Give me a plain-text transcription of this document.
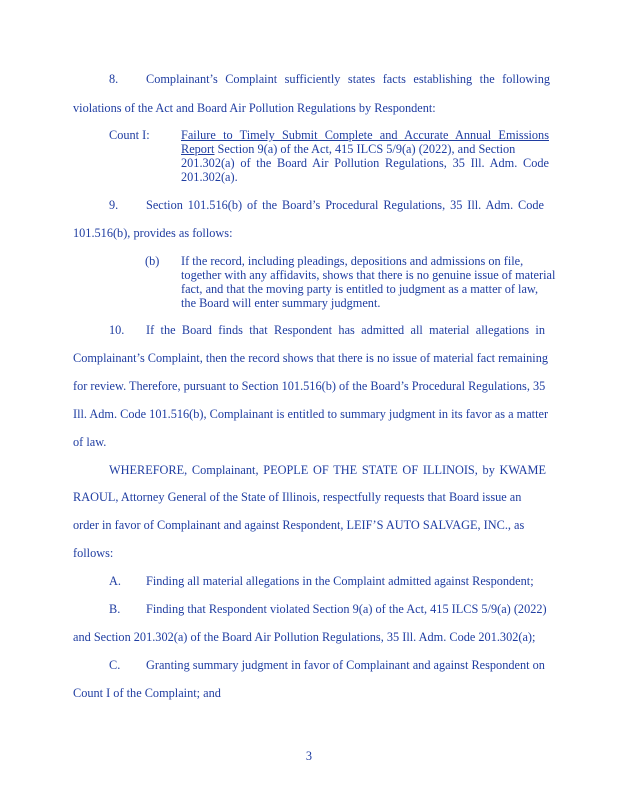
8. Complainant’s Complaint sufficiently states facts establishing the following
violations of the Act and Board Air Pollution Regulations by Respondent:
Count I:	Failure to Timely Submit Complete and Accurate Annual Emissions
Report Section 9(a) of the Act, 415 ILCS 5/9(a) (2022), and Section
201.302(a) of the Board Air Pollution Regulations, 35 Ill. Adm. Code
201.302(a).
9. Section 101.516(b) of the Board’s Procedural Regulations, 35 Ill. Adm. Code
101.516(b), provides as follows:
(b) If the record, including pleadings, depositions and admissions on file,
together with any affidavits, shows that there is no genuine issue of material
fact, and that the moving party is entitled to judgment as a matter of law,
the Board will enter summary judgment.
10. If the Board finds that Respondent has admitted all material allegations in
Complainant’s Complaint, then the record shows that there is no issue of material fact remaining
for review. Therefore, pursuant to Section 101.516(b) of the Board’s Procedural Regulations, 35
Ill. Adm. Code 101.516(b), Complainant is entitled to summary judgment in its favor as a matter
of law.
WHEREFORE, Complainant, PEOPLE OF THE STATE OF ILLINOIS, by KWAME
RAOUL, Attorney General of the State of Illinois, respectfully requests that Board issue an
order in favor of Complainant and against Respondent, LEIF’S AUTO SALVAGE, INC., as
follows:
A. Finding all material allegations in the Complaint admitted against Respondent;
B. Finding that Respondent violated Section 9(a) of the Act, 415 ILCS 5/9(a) (2022)
and Section 201.302(a) of the Board Air Pollution Regulations, 35 Ill. Adm. Code 201.302(a);
C. Granting summary judgment in favor of Complainant and against Respondent on
Count I of the Complaint; and
3
